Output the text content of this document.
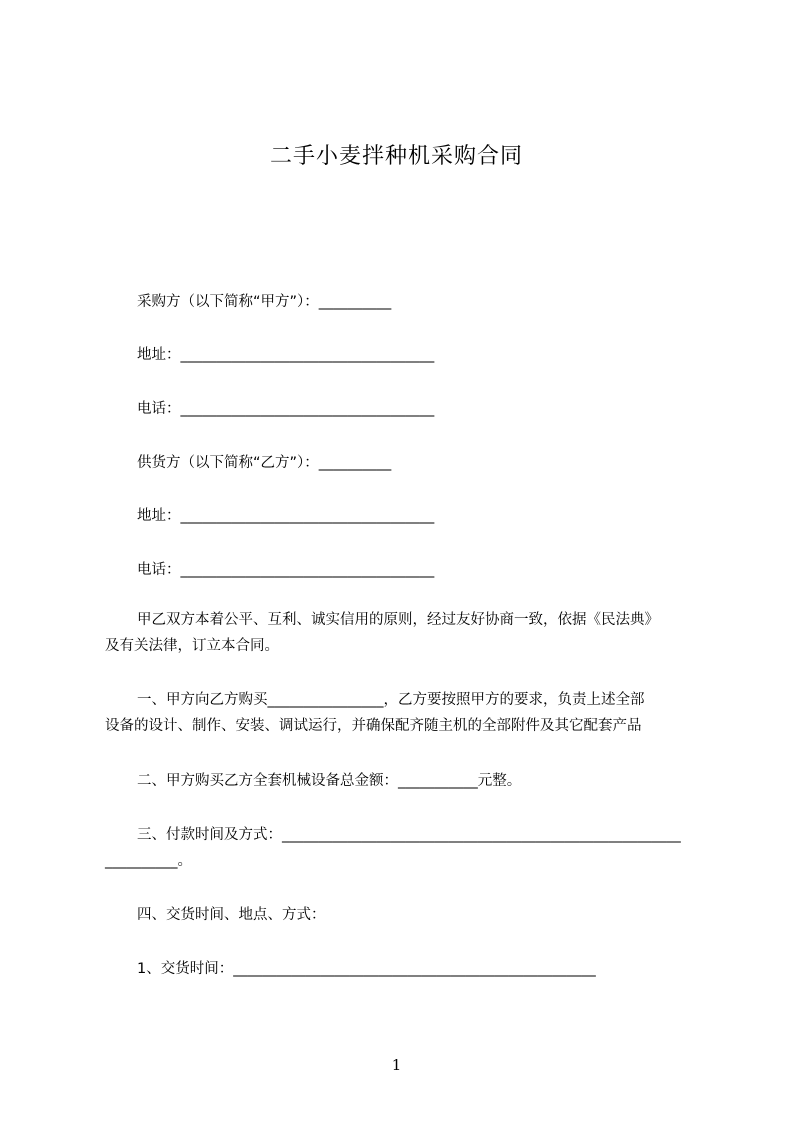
二手小麦拌种机采购合同
采购方（以下简称“甲方”）：__________
地址：___________________________________
电话：___________________________________
供货方（以下简称“乙方”）：__________
地址：___________________________________
电话：___________________________________
甲乙双方本着公平、互利、诚实信用的原则，经过友好协商一致，依据《民法典》
及有关法律，订立本合同。
一、甲方向乙方购买________________，乙方要按照甲方的要求，负责上述全部
设备的设计、制作、安装、调试运行，并确保配齐随主机的全部附件及其它配套产品
二、甲方购买乙方全套机械设备总金额：___________元整。
三、付款时间及方式：_______________________________________________________
__________。
四、交货时间、地点、方式：
1、交货时间：__________________________________________________
1
